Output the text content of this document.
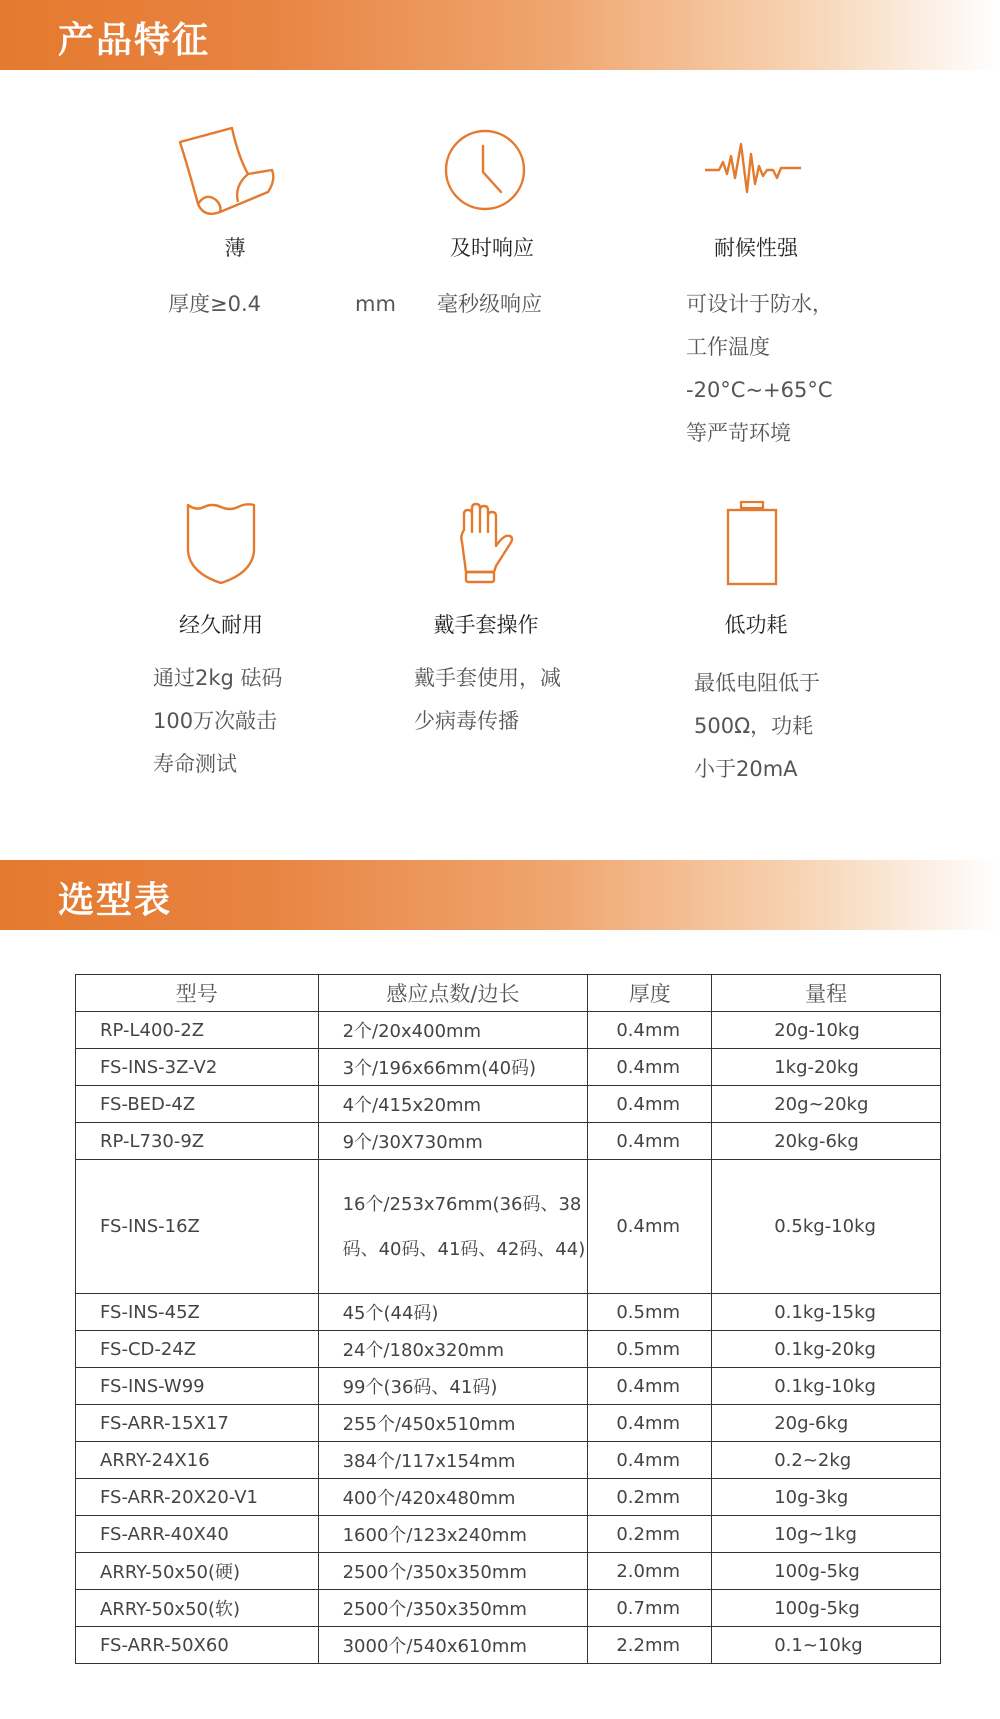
产品特征
薄
厚度≥0.4	mm
及时响应
毫秒级响应
耐候性强
可设计于防水，
工作温度
-20°C~+65°C
等严苛环境
经久耐用
通过2kg 砝码
100万次敲击
寿命测试
戴手套操作
戴手套使用，减
少病毒传播
低功耗
最低电阻低于
500Ω，功耗
小于20mA
选型表
型号	感应点数/边长	厚度	量程
RP-L400-2Z	2个/20x400mm	0.4mm	20g-10kg
FS-INS-3Z-V2	3个/196x66mm(40码)	0.4mm	1kg-20kg
FS-BED-4Z	4个/415x20mm	0.4mm	20g~20kg
RP-L730-9Z	9个/30X730mm	0.4mm	20kg-6kg
FS-INS-16Z	16个/253x76mm(36码、38码、40码、41码、42码、44)	0.4mm	0.5kg-10kg
FS-INS-45Z	45个(44码)	0.5mm	0.1kg-15kg
FS-CD-24Z	24个/180x320mm	0.5mm	0.1kg-20kg
FS-INS-W99	99个(36码、41码)	0.4mm	0.1kg-10kg
FS-ARR-15X17	255个/450x510mm	0.4mm	20g-6kg
ARRY-24X16	384个/117x154mm	0.4mm	0.2~2kg
FS-ARR-20X20-V1	400个/420x480mm	0.2mm	10g-3kg
FS-ARR-40X40	1600个/123x240mm	0.2mm	10g~1kg
ARRY-50x50(硬)	2500个/350x350mm	2.0mm	100g-5kg
ARRY-50x50(软)	2500个/350x350mm	0.7mm	100g-5kg
FS-ARR-50X60	3000个/540x610mm	2.2mm	0.1~10kg
